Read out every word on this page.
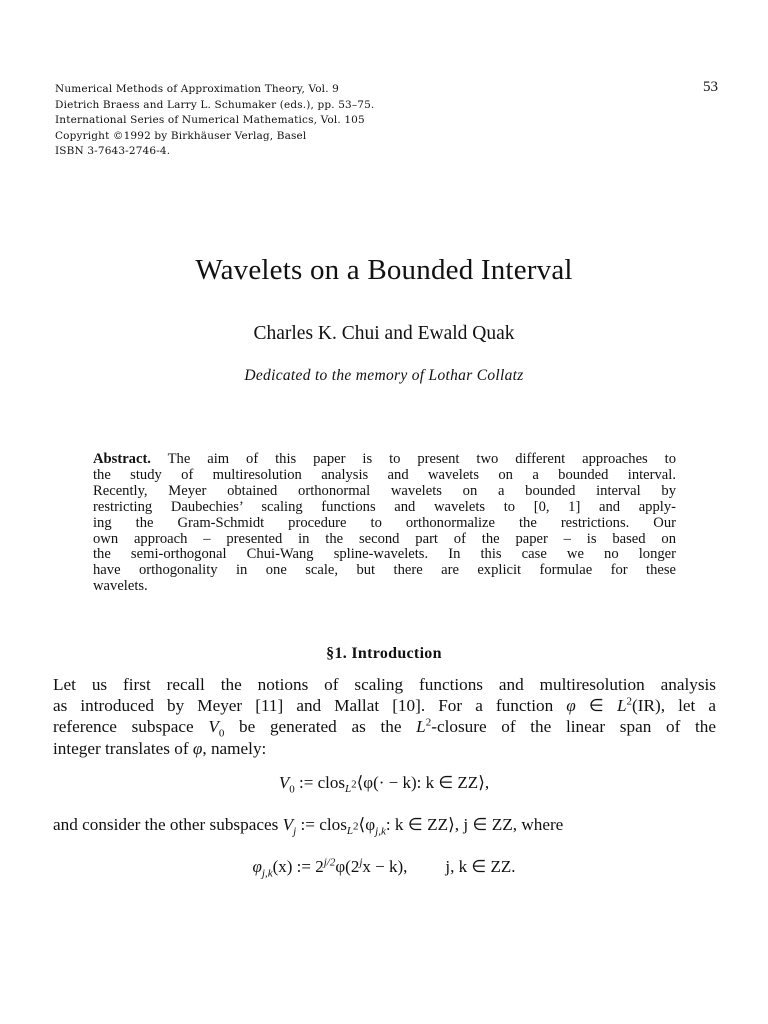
Numerical Methods of Approximation Theory, Vol. 9
Dietrich Braess and Larry L. Schumaker (eds.), pp. 53–75.
International Series of Numerical Mathematics, Vol. 105
Copyright ©1992 by Birkhäuser Verlag, Basel
ISBN 3-7643-2746-4.
53
Wavelets on a Bounded Interval
Charles K. Chui and Ewald Quak
Dedicated to the memory of Lothar Collatz
Abstract. The aim of this paper is to present two different approaches to
the study of multiresolution analysis and wavelets on a bounded interval.
Recently, Meyer obtained orthonormal wavelets on a bounded interval by
restricting Daubechies’ scaling functions and wavelets to [0, 1] and apply-
ing the Gram-Schmidt procedure to orthonormalize the restrictions. Our
own approach – presented in the second part of the paper – is based on
the semi-orthogonal Chui-Wang spline-wavelets. In this case we no longer
have orthogonality in one scale, but there are explicit formulae for these
wavelets.
§1. Introduction
Let us first recall the notions of scaling functions and multiresolution analysis
as introduced by Meyer [11] and Mallat [10]. For a function φ ∈ $L^2(IR)$, let a
reference subspace $V_0$ be generated as the $L^2$-closure of the linear span of the
integer translates of φ, namely:
$V_0$ := clos$_{L^2}$⟨φ(· − k): k ∈ ZZ⟩,
and consider the other subspaces $V_j$ := $clos_{L^2}⟨\varphi_{j,k}$: k ∈ ZZ⟩, j ∈ ZZ, where
$\varphi_{j,k}(x)$ := $2^{j/2}\varphi(2^jx - k)$, j, k ∈ ZZ.
